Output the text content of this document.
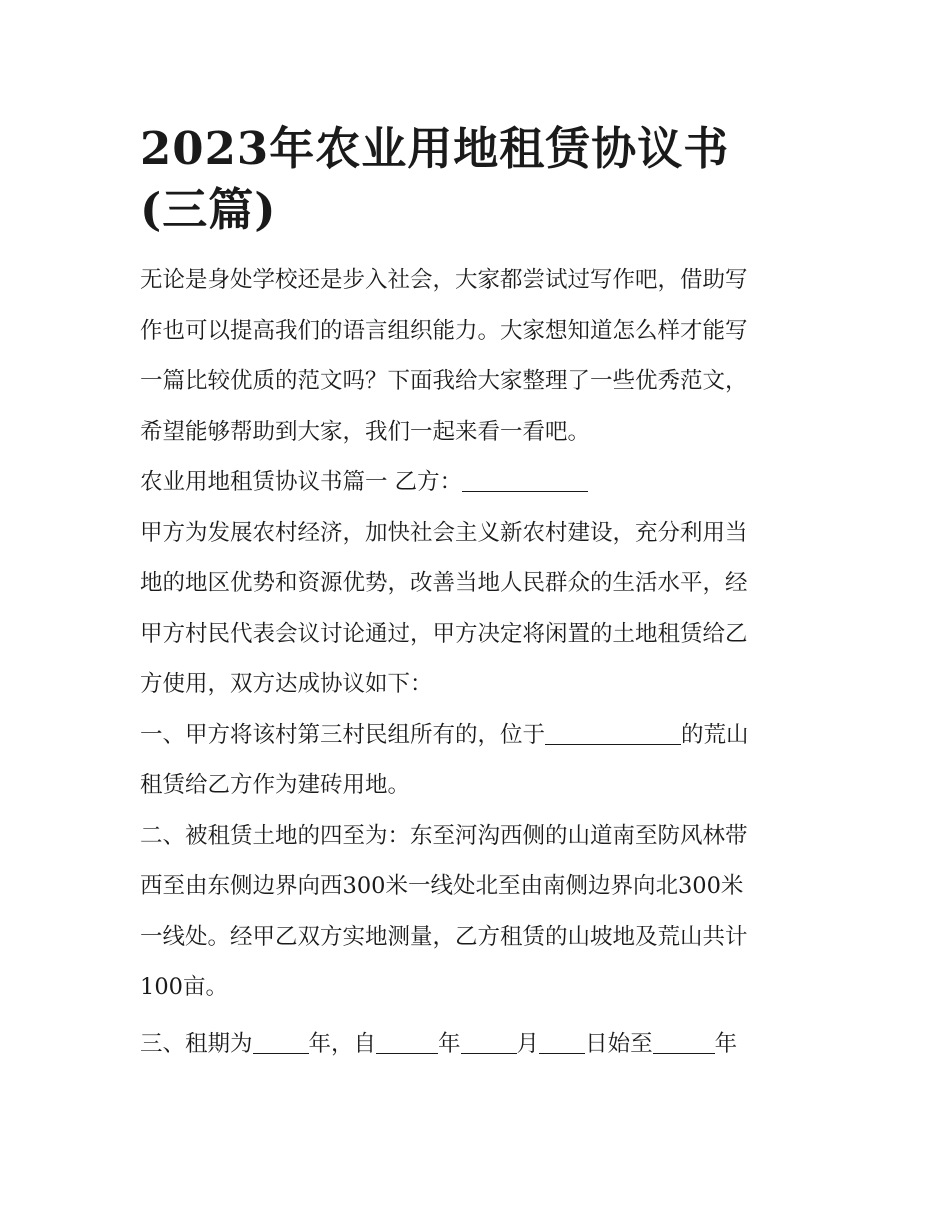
2023年农业用地租赁协议书
(三篇)

无论是身处学校还是步入社会，大家都尝试过写作吧，借助写
作也可以提高我们的语言组织能力。大家想知道怎么样才能写
一篇比较优质的范文吗？下面我给大家整理了一些优秀范文，
希望能够帮助到大家，我们一起来看一看吧。

农业用地租赁协议书篇一 乙方：

甲方为发展农村经济，加快社会主义新农村建设，充分利用当
地的地区优势和资源优势，改善当地人民群众的生活水平，经
甲方村民代表会议讨论通过，甲方决定将闲置的土地租赁给乙
方使用，双方达成协议如下：

一、甲方将该村第三村民组所有的，位于	的荒山
租赁给乙方作为建砖用地。

二、被租赁土地的四至为：东至河沟西侧的山道南至防风林带
西至由东侧边界向西300米一线处北至由南侧边界向北300米
一线处。经甲乙双方实地测量，乙方租赁的山坡地及荒山共计
100亩。

三、租期为 年，自	年 月 日始至	年
